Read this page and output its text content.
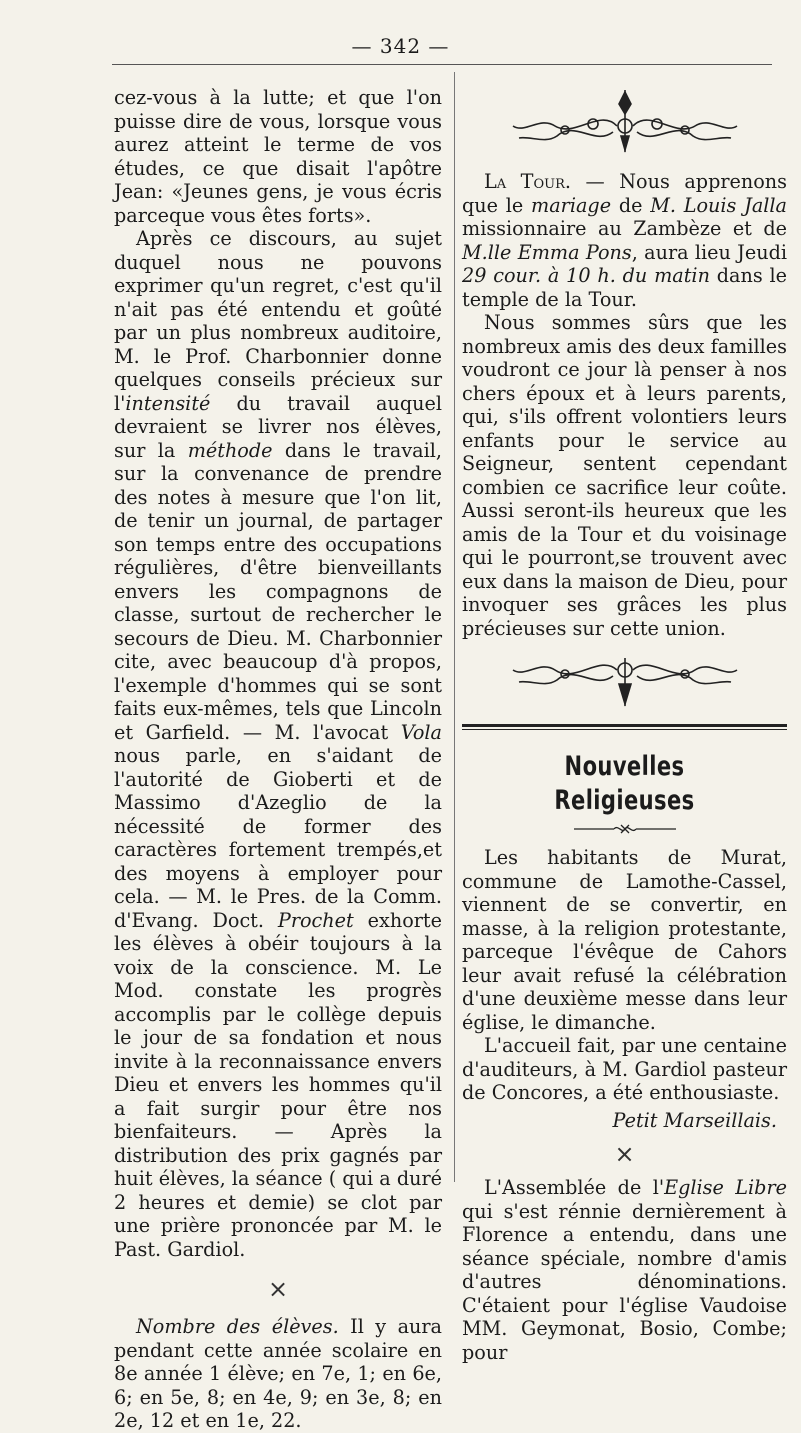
— 342 —

cez-vous à la lutte; et que l'on puisse dire de vous, lorsque vous aurez atteint le terme de vos études, ce que disait l'apôtre Jean: «Jeunes gens, je vous écris parceque vous êtes forts».

Après ce discours, au sujet duquel nous ne pouvons exprimer qu'un regret, c'est qu'il n'ait pas été entendu et goûté par un plus nombreux auditoire, M. le Prof. Charbonnier donne quelques conseils précieux sur l'intensité du travail auquel devraient se livrer nos élèves, sur la méthode dans le travail, sur la convenance de prendre des notes à mesure que l'on lit, de tenir un journal, de partager son temps entre des occupations régulières, d'être bienveillants envers les compagnons de classe, surtout de rechercher le secours de Dieu. M. Charbonnier cite, avec beaucoup d'à propos, l'exemple d'hommes qui se sont faits eux-mêmes, tels que Lincoln et Garfield. — M. l'avocat Vola nous parle, en s'aidant de l'autorité de Gioberti et de Massimo d'Azeglio de la nécessité de former des caractères fortement trempés,et des moyens à employer pour cela. — M. le Pres. de la Comm. d'Evang. Doct. Prochet exhorte les élèves à obéir toujours à la voix de la conscience. M. Le Mod. constate les progrès accomplis par le collège depuis le jour de sa fondation et nous invite à la reconnaissance envers Dieu et envers les hommes qu'il a fait surgir pour être nos bienfaiteurs. — Après la distribution des prix gagnés par huit élèves, la séance ( qui a duré 2 heures et demie) se clot par une prière prononcée par M. le Past. Gardiol.

×

Nombre des élèves. Il y aura pendant cette année scolaire en 8e année 1 élève; en 7e, 1; en 6e, 6; en 5e, 8; en 4e, 9; en 3e, 8; en 2e, 12 et en 1e, 22.

La Tour. — Nous apprenons que le mariage de M. Louis Jalla missionnaire au Zambèze et de M.lle Emma Pons, aura lieu Jeudi 29 cour. à 10 h. du matin dans le temple de la Tour.

Nous sommes sûrs que les nombreux amis des deux familles voudront ce jour là penser à nos chers époux et à leurs parents, qui, s'ils offrent volontiers leurs enfants pour le service au Seigneur, sentent cependant combien ce sacrifice leur coûte. Aussi seront-ils heureux que les amis de la Tour et du voisinage qui le pourront,se trouvent avec eux dans la maison de Dieu, pour invoquer ses grâces les plus précieuses sur cette union.

Nouvelles Religieuses

Les habitants de Murat, commune de Lamothe-Cassel, viennent de se convertir, en masse, à la religion protestante, parceque l'évêque de Cahors leur avait refusé la célébration d'une deuxième messe dans leur église, le dimanche.

L'accueil fait, par une centaine d'auditeurs, à M. Gardiol pasteur de Concores, a été enthousiaste.

Petit Marseillais.

×

L'Assemblée de l'Eglise Libre qui s'est rénnie dernièrement à Florence a entendu, dans une séance spéciale, nombre d'amis d'autres dénominations. C'étaient pour l'église Vaudoise MM. Geymonat, Bosio, Combe; pour
